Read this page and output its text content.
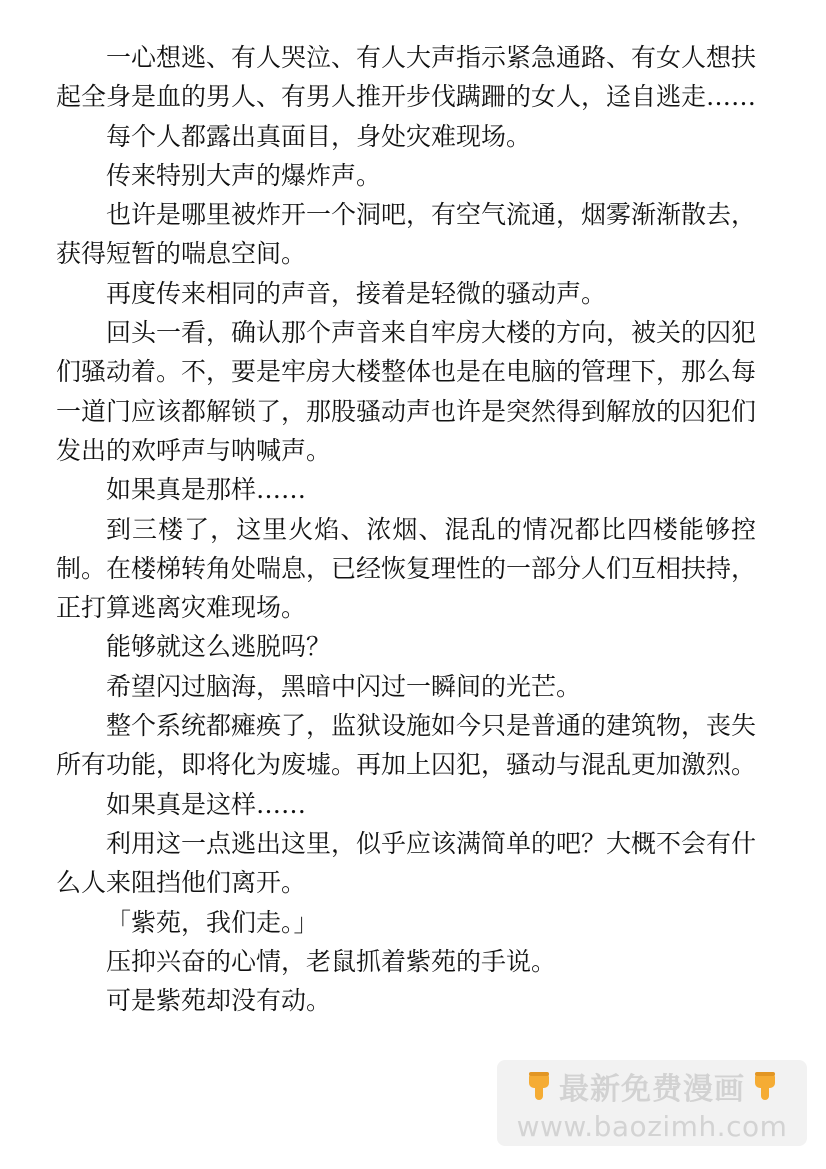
一心想逃、有人哭泣、有人大声指示紧急通路、有女人想扶起全身是血的男人、有男人推开步伐蹒跚的女人，迳自逃走……

每个人都露出真面目，身处灾难现场。

传来特别大声的爆炸声。

也许是哪里被炸开一个洞吧，有空气流通，烟雾渐渐散去，获得短暂的喘息空间。

再度传来相同的声音，接着是轻微的骚动声。

回头一看，确认那个声音来自牢房大楼的方向，被关的囚犯们骚动着。不，要是牢房大楼整体也是在电脑的管理下，那么每一道门应该都解锁了，那股骚动声也许是突然得到解放的囚犯们发出的欢呼声与呐喊声。

如果真是那样……

到三楼了，这里火焰、浓烟、混乱的情况都比四楼能够控制。在楼梯转角处喘息，已经恢复理性的一部分人们互相扶持，正打算逃离灾难现场。

能够就这么逃脱吗？

希望闪过脑海，黑暗中闪过一瞬间的光芒。

整个系统都瘫痪了，监狱设施如今只是普通的建筑物，丧失所有功能，即将化为废墟。再加上囚犯，骚动与混乱更加激烈。

如果真是这样……

利用这一点逃出这里，似乎应该满简单的吧？大概不会有什么人来阻挡他们离开。

「紫苑，我们走。」

压抑兴奋的心情，老鼠抓着紫苑的手说。

可是紫苑却没有动。

最新免费漫画
www.baozimh.com
